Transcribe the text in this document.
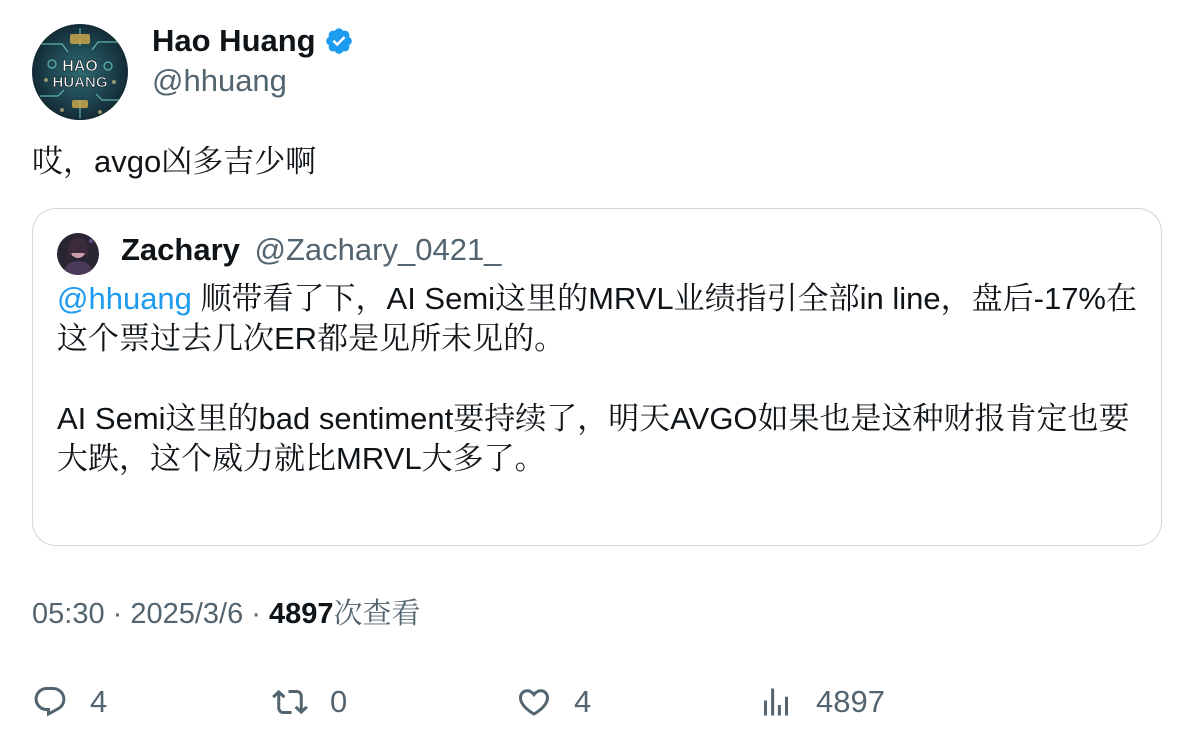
HAO
HUANG
Hao Huang
@hhuang
哎，avgo凶多吉少啊
Zachary @Zachary_0421_

@hhuang 顺带看了下，AI Semi这里的MRVL业绩指引全部in line，盘后-17%在这个票过去几次ER都是见所未见的。

AI Semi这里的bad sentiment要持续了，明天AVGO如果也是这种财报肯定也要大跌，这个威力就比MRVL大多了。

05:30 · 2025/3/6 · 4897次查看
4	0	4	4897
